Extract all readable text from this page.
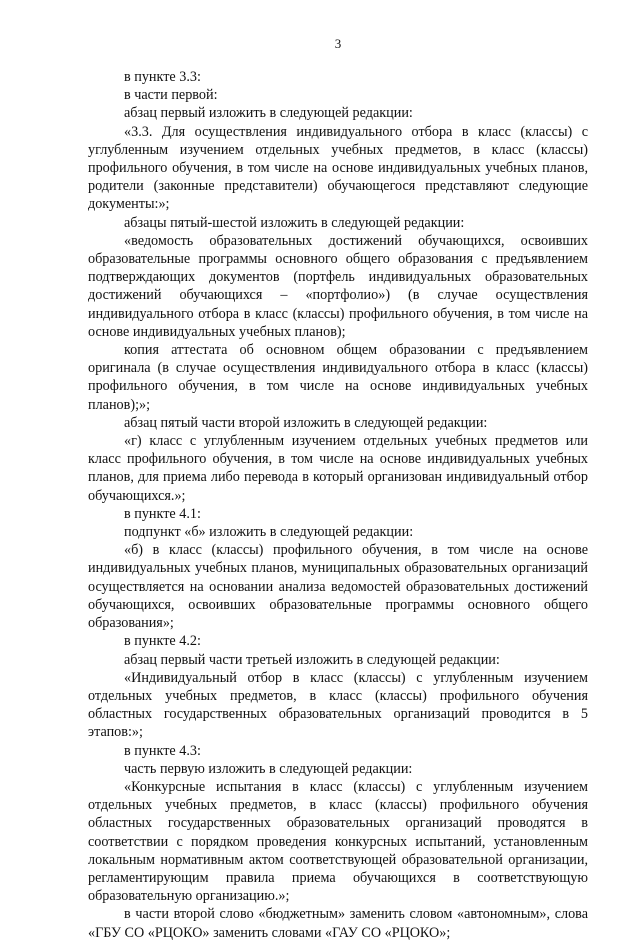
3

в пункте 3.3:

в части первой:

абзац первый изложить в следующей редакции:

«3.3. Для осуществления индивидуального отбора в класс (классы) с углубленным изучением отдельных учебных предметов, в класс (классы) профильного обучения, в том числе на основе индивидуальных учебных планов, родители (законные представители) обучающегося представляют следующие документы:»;

абзацы пятый-шестой изложить в следующей редакции:

«ведомость образовательных достижений обучающихся, освоивших образовательные программы основного общего образования с предъявлением подтверждающих документов (портфель индивидуальных образовательных достижений обучающихся – «портфолио») (в случае осуществления индивидуального отбора в класс (классы) профильного обучения, в том числе на основе индивидуальных учебных планов);

копия аттестата об основном общем образовании с предъявлением оригинала (в случае осуществления индивидуального отбора в класс (классы) профильного обучения, в том числе на основе индивидуальных учебных планов);»;

абзац пятый части второй изложить в следующей редакции:

«г) класс с углубленным изучением отдельных учебных предметов или класс профильного обучения, в том числе на основе индивидуальных учебных планов, для приема либо перевода в который организован индивидуальный отбор обучающихся.»;

в пункте 4.1:

подпункт «б» изложить в следующей редакции:

«б) в класс (классы) профильного обучения, в том числе на основе индивидуальных учебных планов, муниципальных образовательных организаций осуществляется на основании анализа ведомостей образовательных достижений обучающихся, освоивших образовательные программы основного общего образования»;

в пункте 4.2:

абзац первый части третьей изложить в следующей редакции:

«Индивидуальный отбор в класс (классы) с углубленным изучением отдельных учебных предметов, в класс (классы) профильного обучения областных государственных образовательных организаций проводится в 5 этапов:»;

в пункте 4.3:

часть первую изложить в следующей редакции:

«Конкурсные испытания в класс (классы) с углубленным изучением отдельных учебных предметов, в класс (классы) профильного обучения областных государственных образовательных организаций проводятся в соответствии с порядком проведения конкурсных испытаний, установленным локальным нормативным актом соответствующей образовательной организации, регламентирующим правила приема обучающихся в соответствующую образовательную организацию.»;

в части второй слово «бюджетным» заменить словом «автономным», слова «ГБУ СО «РЦОКО» заменить словами «ГАУ СО «РЦОКО»;
